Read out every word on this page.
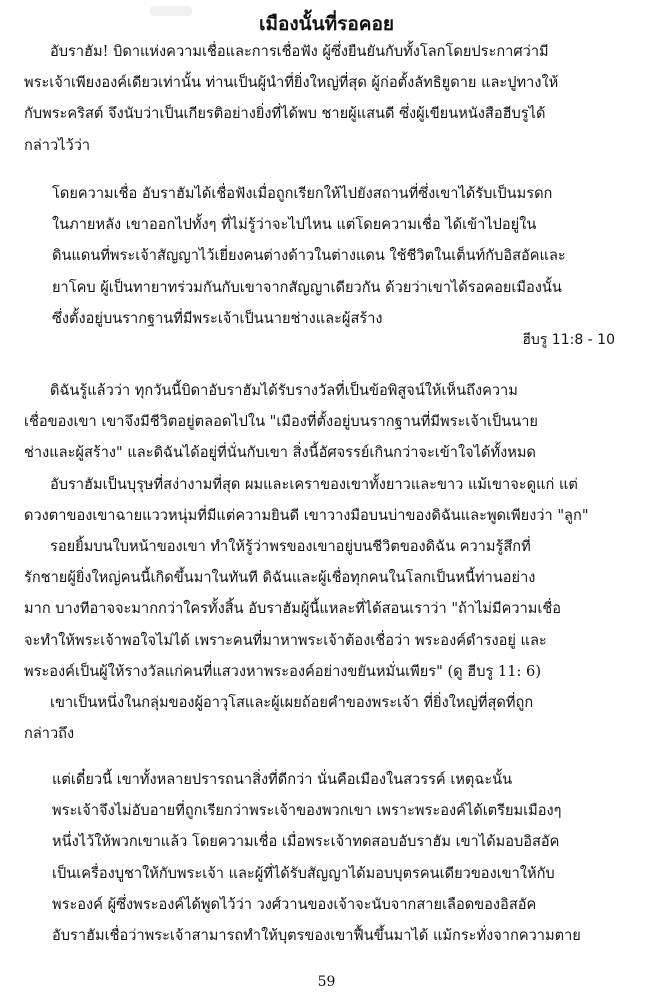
เมืองนั้นที่รอคอย
อับราฮัม! บิดาแห่งความเชื่อและการเชื่อฟัง ผู้ซึ่งยืนยันกับทั้งโลกโดยประกาศว่ามี
พระเจ้าเพียงองค์เดียวเท่านั้น ท่านเป็นผู้นำที่ยิ่งใหญ่ที่สุด ผู้ก่อตั้งลัทธิยูดาย และปูทางให้
กับพระคริสต์ จึงนับว่าเป็นเกียรติอย่างยิ่งที่ได้พบ ชายผู้แสนดี ซึ่งผู้เขียนหนังสือฮีบรูได้
กล่าวไว้ว่า
โดยความเชื่อ อับราฮัมได้เชื่อฟังเมื่อถูกเรียกให้ไปยังสถานที่ซึ่งเขาได้รับเป็นมรดก
ในภายหลัง เขาออกไปทั้งๆ ที่ไม่รู้ว่าจะไปไหน แต่โดยความเชื่อ ได้เข้าไปอยู่ใน
ดินแดนที่พระเจ้าสัญญาไว้เยี่ยงคนต่างด้าวในต่างแดน ใช้ชีวิตในเต็นท์กับอิสอัคและ
ยาโคบ ผู้เป็นทายาทร่วมกันกับเขาจากสัญญาเดียวกัน ด้วยว่าเขาได้รอคอยเมืองนั้น
ซึ่งตั้งอยู่บนรากฐานที่มีพระเจ้าเป็นนายช่างและผู้สร้าง
ฮีบรู 11:8 - 10
ดิฉันรู้แล้วว่า ทุกวันนี้บิดาอับราฮัมได้รับรางวัลที่เป็นข้อพิสูจน์ให้เห็นถึงความ
เชื่อของเขา เขาจึงมีชีวิตอยู่ตลอดไปใน "เมืองที่ตั้งอยู่บนรากฐานที่มีพระเจ้าเป็นนาย
ช่างและผู้สร้าง" และดิฉันได้อยู่ที่นั่นกับเขา สิ่งนี้อัศจรรย์เกินกว่าจะเข้าใจได้ทั้งหมด
อับราฮัมเป็นบุรุษที่สง่างามที่สุด ผมและเคราของเขาทั้งยาวและขาว แม้เขาจะดูแก่ แต่
ดวงตาของเขาฉายแววหนุ่มที่มีแต่ความยินดี เขาวางมือบนบ่าของดิฉันและพูดเพียงว่า "ลูก"
รอยยิ้มบนใบหน้าของเขา ทำให้รู้ว่าพรของเขาอยู่บนชีวิตของดิฉัน ความรู้สึกที่
รักชายผู้ยิ่งใหญ่คนนี้เกิดขึ้นมาในทันที ดิฉันและผู้เชื่อทุกคนในโลกเป็นหนี้ท่านอย่าง
มาก บางทีอาจจะมากกว่าใครทั้งสิ้น อับราฮัมผู้นี้แหละที่ได้สอนเราว่า "ถ้าไม่มีความเชื่อ
จะทำให้พระเจ้าพอใจไม่ได้ เพราะคนที่มาหาพระเจ้าต้องเชื่อว่า พระองค์ดำรงอยู่ และ
พระองค์เป็นผู้ให้รางวัลแก่คนที่แสวงหาพระองค์อย่างขยันหมั่นเพียร" (ดู ฮีบรู 11: 6)
เขาเป็นหนึ่งในกลุ่มของผู้อาวุโสและผู้เผยถ้อยคำของพระเจ้า ที่ยิ่งใหญ่ที่สุดที่ถูก
กล่าวถึง
แต่เดี๋ยวนี้ เขาทั้งหลายปรารถนาสิ่งที่ดีกว่า นั่นคือเมืองในสวรรค์ เหตุฉะนั้น
พระเจ้าจึงไม่อับอายที่ถูกเรียกว่าพระเจ้าของพวกเขา เพราะพระองค์ได้เตรียมเมืองๆ
หนึ่งไว้ให้พวกเขาแล้ว โดยความเชื่อ เมื่อพระเจ้าทดสอบอับราฮัม เขาได้มอบอิสอัค
เป็นเครื่องบูชาให้กับพระเจ้า และผู้ที่ได้รับสัญญาได้มอบบุตรคนเดียวของเขาให้กับ
พระองค์ ผู้ซึ่งพระองค์ได้พูดไว้ว่า วงศ์วานของเจ้าจะนับจากสายเลือดของอิสอัค
อับราฮัมเชื่อว่าพระเจ้าสามารถทำให้บุตรของเขาฟื้นขึ้นมาได้ แม้กระทั่งจากความตาย
59
